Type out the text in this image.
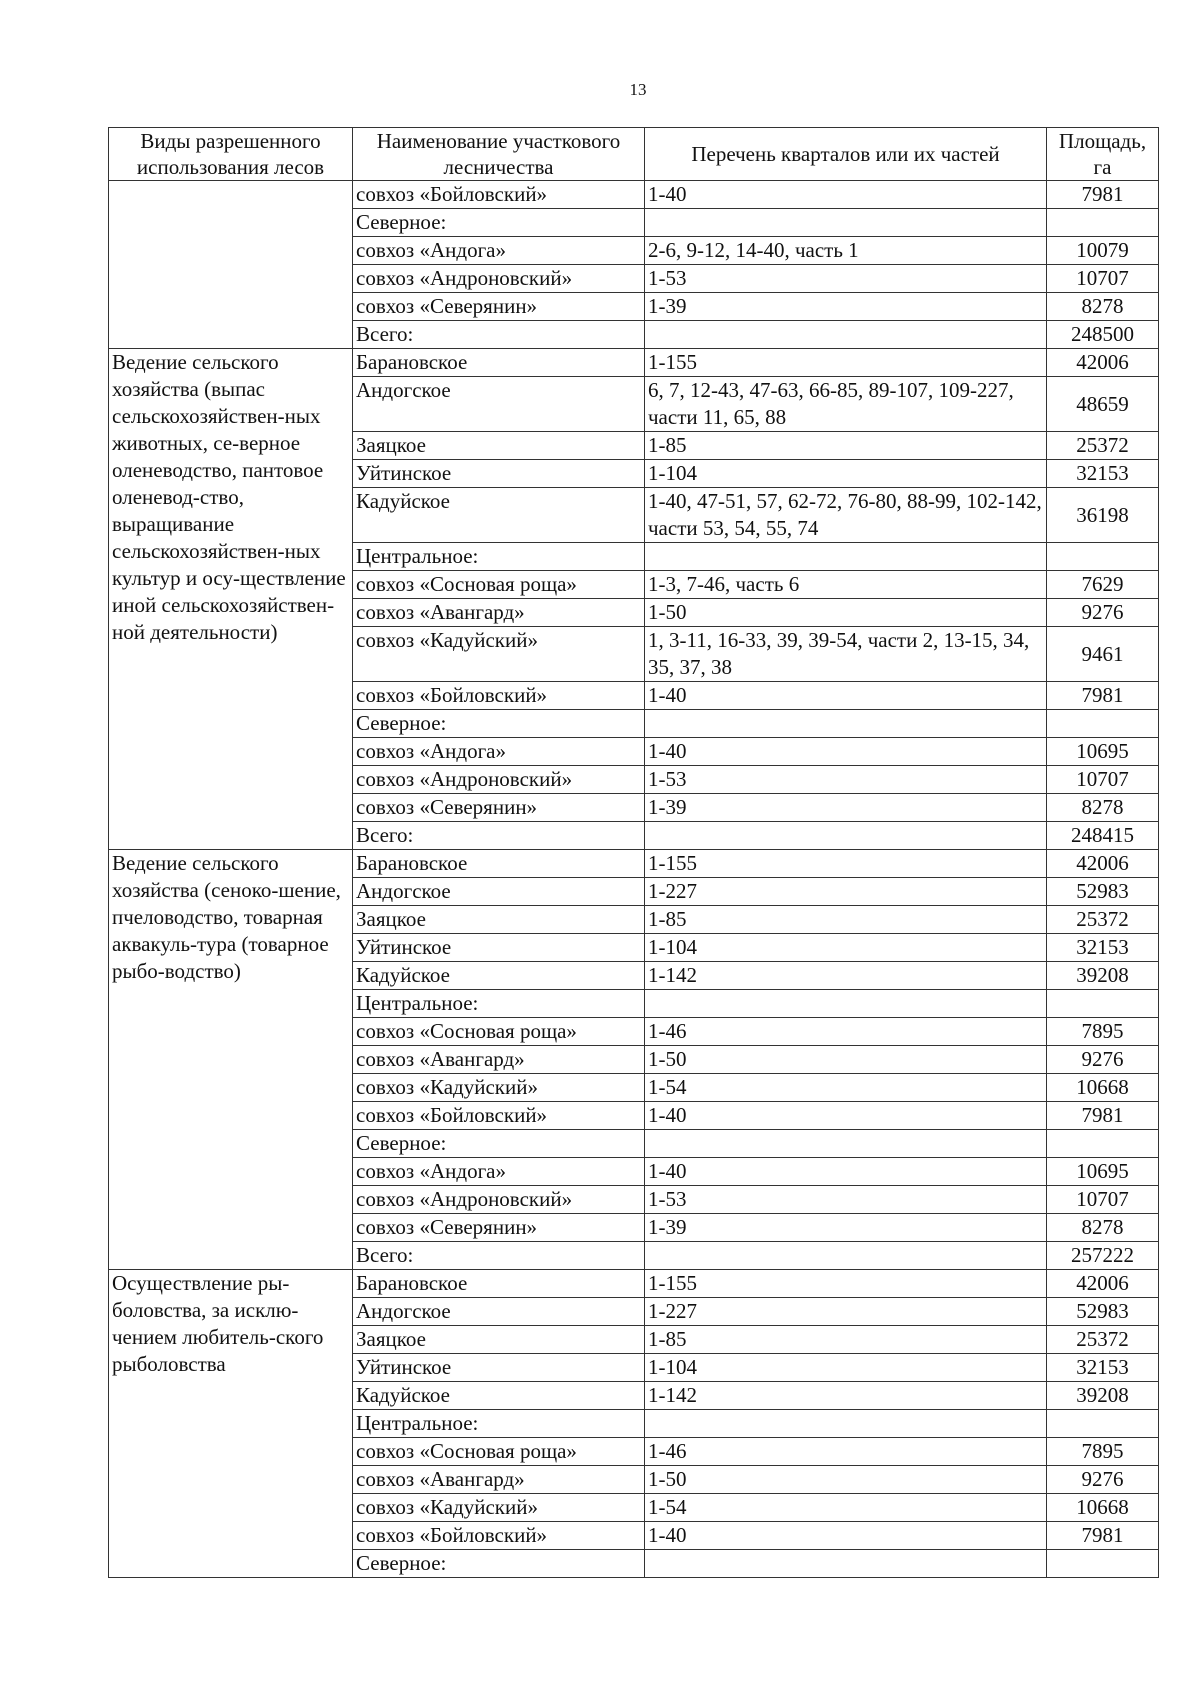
13
Виды разрешенного использования лесов	Наименование участкового лесничества	Перечень кварталов или их частей	Площадь, га
	совхоз «Бойловский»	1-40	7981
	Северное:		
	совхоз «Андога»	2-6, 9-12, 14-40, часть 1	10079
	совхоз «Андроновский»	1-53	10707
	совхоз «Северянин»	1-39	8278
	Всего:		248500
Ведение сельского хозяйства (выпас сельскохозяйствен-ных животных, се-верное оленеводство, пантовое оленевод-ство, выращивание сельскохозяйствен-ных культур и осу-ществление иной сельскохозяйствен-ной деятельности)	Барановское	1-155	42006
	Андогское	6, 7, 12-43, 47-63, 66-85, 89-107, 109-227, части 11, 65, 88	48659
	Заяцкое	1-85	25372
	Уйтинское	1-104	32153
	Кадуйское	1-40, 47-51, 57, 62-72, 76-80, 88-99, 102-142, части 53, 54, 55, 74	36198
	Центральное:		
	совхоз «Сосновая роща»	1-3, 7-46, часть 6	7629
	совхоз «Авангард»	1-50	9276
	совхоз «Кадуйский»	1, 3-11, 16-33, 39, 39-54, части 2, 13-15, 34, 35, 37, 38	9461
	совхоз «Бойловский»	1-40	7981
	Северное:		
	совхоз «Андога»	1-40	10695
	совхоз «Андроновский»	1-53	10707
	совхоз «Северянин»	1-39	8278
	Всего:		248415
Ведение сельского хозяйства (сеноко-шение, пчеловодство, товарная аквакуль-тура (товарное рыбо-водство)	Барановское	1-155	42006
	Андогское	1-227	52983
	Заяцкое	1-85	25372
	Уйтинское	1-104	32153
	Кадуйское	1-142	39208
	Центральное:		
	совхоз «Сосновая роща»	1-46	7895
	совхоз «Авангард»	1-50	9276
	совхоз «Кадуйский»	1-54	10668
	совхоз «Бойловский»	1-40	7981
	Северное:		
	совхоз «Андога»	1-40	10695
	совхоз «Андроновский»	1-53	10707
	совхоз «Северянин»	1-39	8278
	Всего:		257222
Осуществление ры-боловства, за исклю-чением любитель-ского рыболовства	Барановское	1-155	42006
	Андогское	1-227	52983
	Заяцкое	1-85	25372
	Уйтинское	1-104	32153
	Кадуйское	1-142	39208
	Центральное:		
	совхоз «Сосновая роща»	1-46	7895
	совхоз «Авангард»	1-50	9276
	совхоз «Кадуйский»	1-54	10668
	совхоз «Бойловский»	1-40	7981
	Северное:		
